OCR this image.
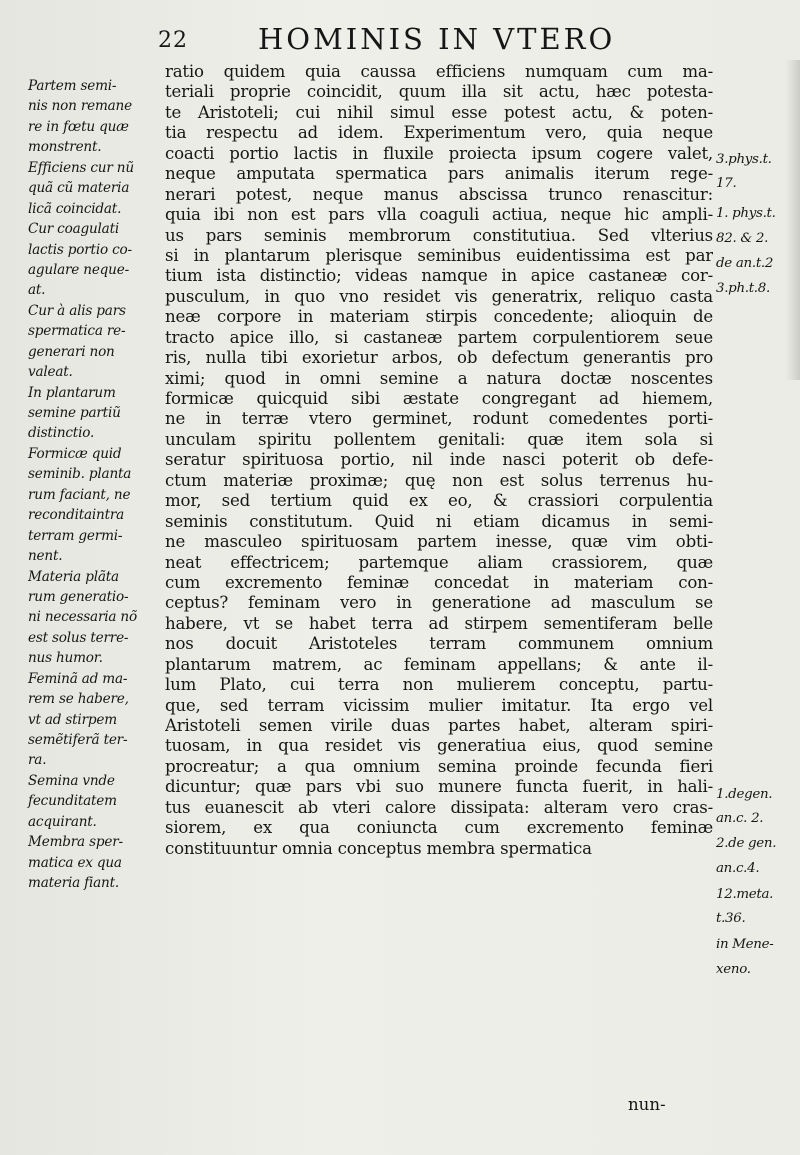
22 HOMINIS IN VTERO
Partem semi-
nis non remane
re in fœtu quæ
monstrent.
Efficiens cur nũ
quã cũ materia
licã coincidat.
Cur coagulati
lactis portio co-
agulare neque-
at.
Cur à alis pars
spermatica re-
generari non
valeat.
In plantarum
semine partiũ
distinctio.
Formicæ quid
seminib. planta
rum faciant, ne
reconditaintra
terram germi-
nent.
Materia plãta
rum generatio-
ni necessaria nõ
est solus terre-
nus humor.
Feminã ad ma-
rem se habere,
vt ad stirpem
semẽtiferã ter-
ra.
Semina vnde
fecunditatem
acquirant.
Membra sper-
matica ex qua
materia fiant.
ratio quidem quia caussa efficiens numquam cum ma-
teriali proprie coincidit, quum illa sit actu, hæc potesta-
te Aristoteli; cui nihil simul esse potest actu, & poten-
tia respectu ad idem. Experimentum vero, quia neque
coacti portio lactis in fluxile proiecta ipsum cogere valet,
neque amputata spermatica pars animalis iterum rege-
nerari potest, neque manus abscissa trunco renascitur:
quia ibi non est pars vlla coaguli actiua, neque hic ampli-
us pars seminis membrorum constitutiua. Sed vlterius
si in plantarum plerisque seminibus euidentissima est par
tium ista distinctio; videas namque in apice castaneæ cor-
pusculum, in quo vno residet vis generatrix, reliquo casta
neæ corpore in materiam stirpis concedente; alioquin de
tracto apice illo, si castaneæ partem corpulentiorem seue
ris, nulla tibi exorietur arbos, ob defectum generantis pro
ximi; quod in omni semine a natura doctæ noscentes
formicæ quicquid sibi æstate congregant ad hiemem,
ne in terræ vtero germinet, rodunt comedentes porti-
unculam spiritu pollentem genitali: quæ item sola si
seratur spirituosa portio, nil inde nasci poterit ob defe-
ctum materiæ proximæ; quę non est solus terrenus hu-
mor, sed tertium quid ex eo, & crassiori corpulentia
seminis constitutum. Quid ni etiam dicamus in semi-
ne masculeo spirituosam partem inesse, quæ vim obti-
neat effectricem; partemque aliam crassiorem, quæ
cum excremento feminæ concedat in materiam con-
ceptus? feminam vero in generatione ad masculum se
habere, vt se habet terra ad stirpem sementiferam belle
nos docuit Aristoteles terram communem omnium
plantarum matrem, ac feminam appellans; & ante il-
lum Plato, cui terra non mulierem conceptu, partu-
que, sed terram vicissim mulier imitatur. Ita ergo vel
Aristoteli semen virile duas partes habet, alteram spiri-
tuosam, in qua residet vis generatiua eius, quod semine
procreatur; a qua omnium semina proinde fecunda fieri
dicuntur; quæ pars vbi suo munere functa fuerit, in hali-
tus euanescit ab vteri calore dissipata: alteram vero cras-
siorem, ex qua coniuncta cum excremento feminæ
constituuntur omnia conceptus membra spermatica
3.phys.t.
17.
1. phys.t.
82. & 2.
de an.t.2
3.ph.t.8.
1.degen.
an.c. 2.
2.de gen.
an.c.4.
12.meta.
t.36.
in Mene-
xeno.
nun-
